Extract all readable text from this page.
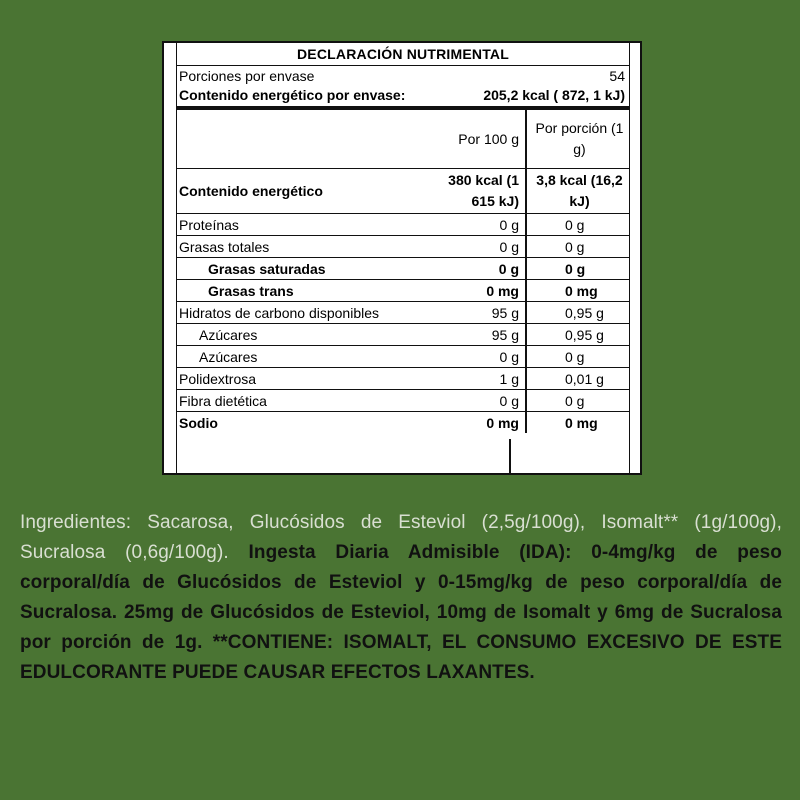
DECLARACIÓN NUTRIMENTAL
Porciones por envase	54
Contenido energético por envase:	205,2 kcal ( 872, 1 kJ)
	Por 100 g	Por porción (1 g)
Contenido energético	380 kcal (1 615 kJ)	3,8 kcal (16,2 kJ)
Proteínas	0 g	0 g
Grasas totales	0 g	0 g
Grasas saturadas	0 g	0 g
Grasas trans	0 mg	0 mg
Hidratos de carbono disponibles	95 g	0,95 g
Azúcares	95 g	0,95 g
Azúcares	0 g	0 g
Polidextrosa	1 g	0,01 g
Fibra dietética	0 g	0 g
Sodio	0 mg	0 mg
Ingredientes: Sacarosa, Glucósidos de Esteviol (2,5g/100g), Isomalt** (1g/100g), Sucralosa (0,6g/100g). Ingesta Diaria Admisible (IDA): 0-4mg/kg de peso corporal/día de Glucósidos de Esteviol y 0-15mg/kg de peso corporal/día de Sucralosa. 25mg de Glucósidos de Esteviol, 10mg de Isomalt y 6mg de Sucralosa por porción de 1g. **CONTIENE: ISOMALT, EL CONSUMO EXCESIVO DE ESTE EDULCORANTE PUEDE CAUSAR EFECTOS LAXANTES.
